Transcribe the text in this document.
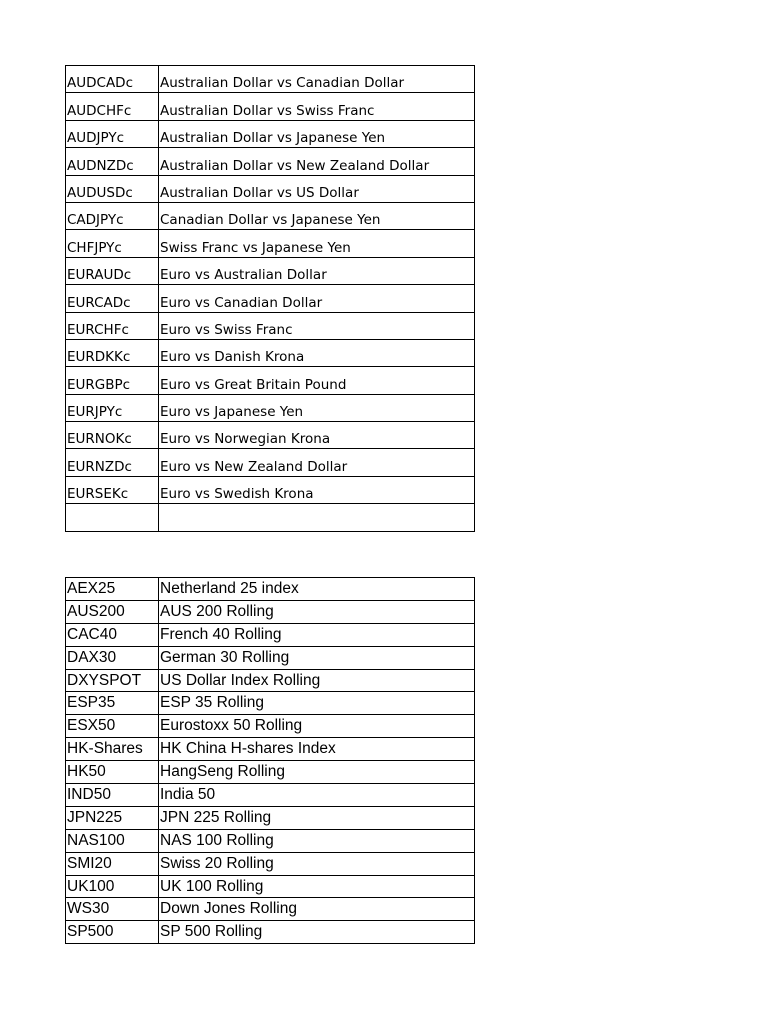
AUDCADc	Australian Dollar vs Canadian Dollar
AUDCHFc	Australian Dollar vs Swiss Franc
AUDJPYc	Australian Dollar vs Japanese Yen
AUDNZDc	Australian Dollar vs New Zealand Dollar
AUDUSDc	Australian Dollar vs US Dollar
CADJPYc	Canadian Dollar vs Japanese Yen
CHFJPYc	Swiss Franc vs Japanese Yen
EURAUDc	Euro vs Australian Dollar
EURCADc	Euro vs Canadian Dollar
EURCHFc	Euro vs Swiss Franc
EURDKKc	Euro vs Danish Krona
EURGBPc	Euro vs Great Britain Pound
EURJPYc	Euro vs Japanese Yen
EURNOKc	Euro vs Norwegian Krona
EURNZDc	Euro vs New Zealand Dollar
EURSEKc	Euro vs Swedish Krona

AEX25	Netherland 25 index
AUS200	AUS 200 Rolling
CAC40	French 40 Rolling
DAX30	German 30 Rolling
DXYSPOT	US Dollar Index Rolling
ESP35	ESP 35 Rolling
ESX50	Eurostoxx 50 Rolling
HK-Shares	HK China H-shares Index
HK50	HangSeng Rolling
IND50	India 50
JPN225	JPN 225 Rolling
NAS100	NAS 100 Rolling
SMI20	Swiss 20 Rolling
UK100	UK 100 Rolling
WS30	Down Jones Rolling
SP500	SP 500 Rolling
